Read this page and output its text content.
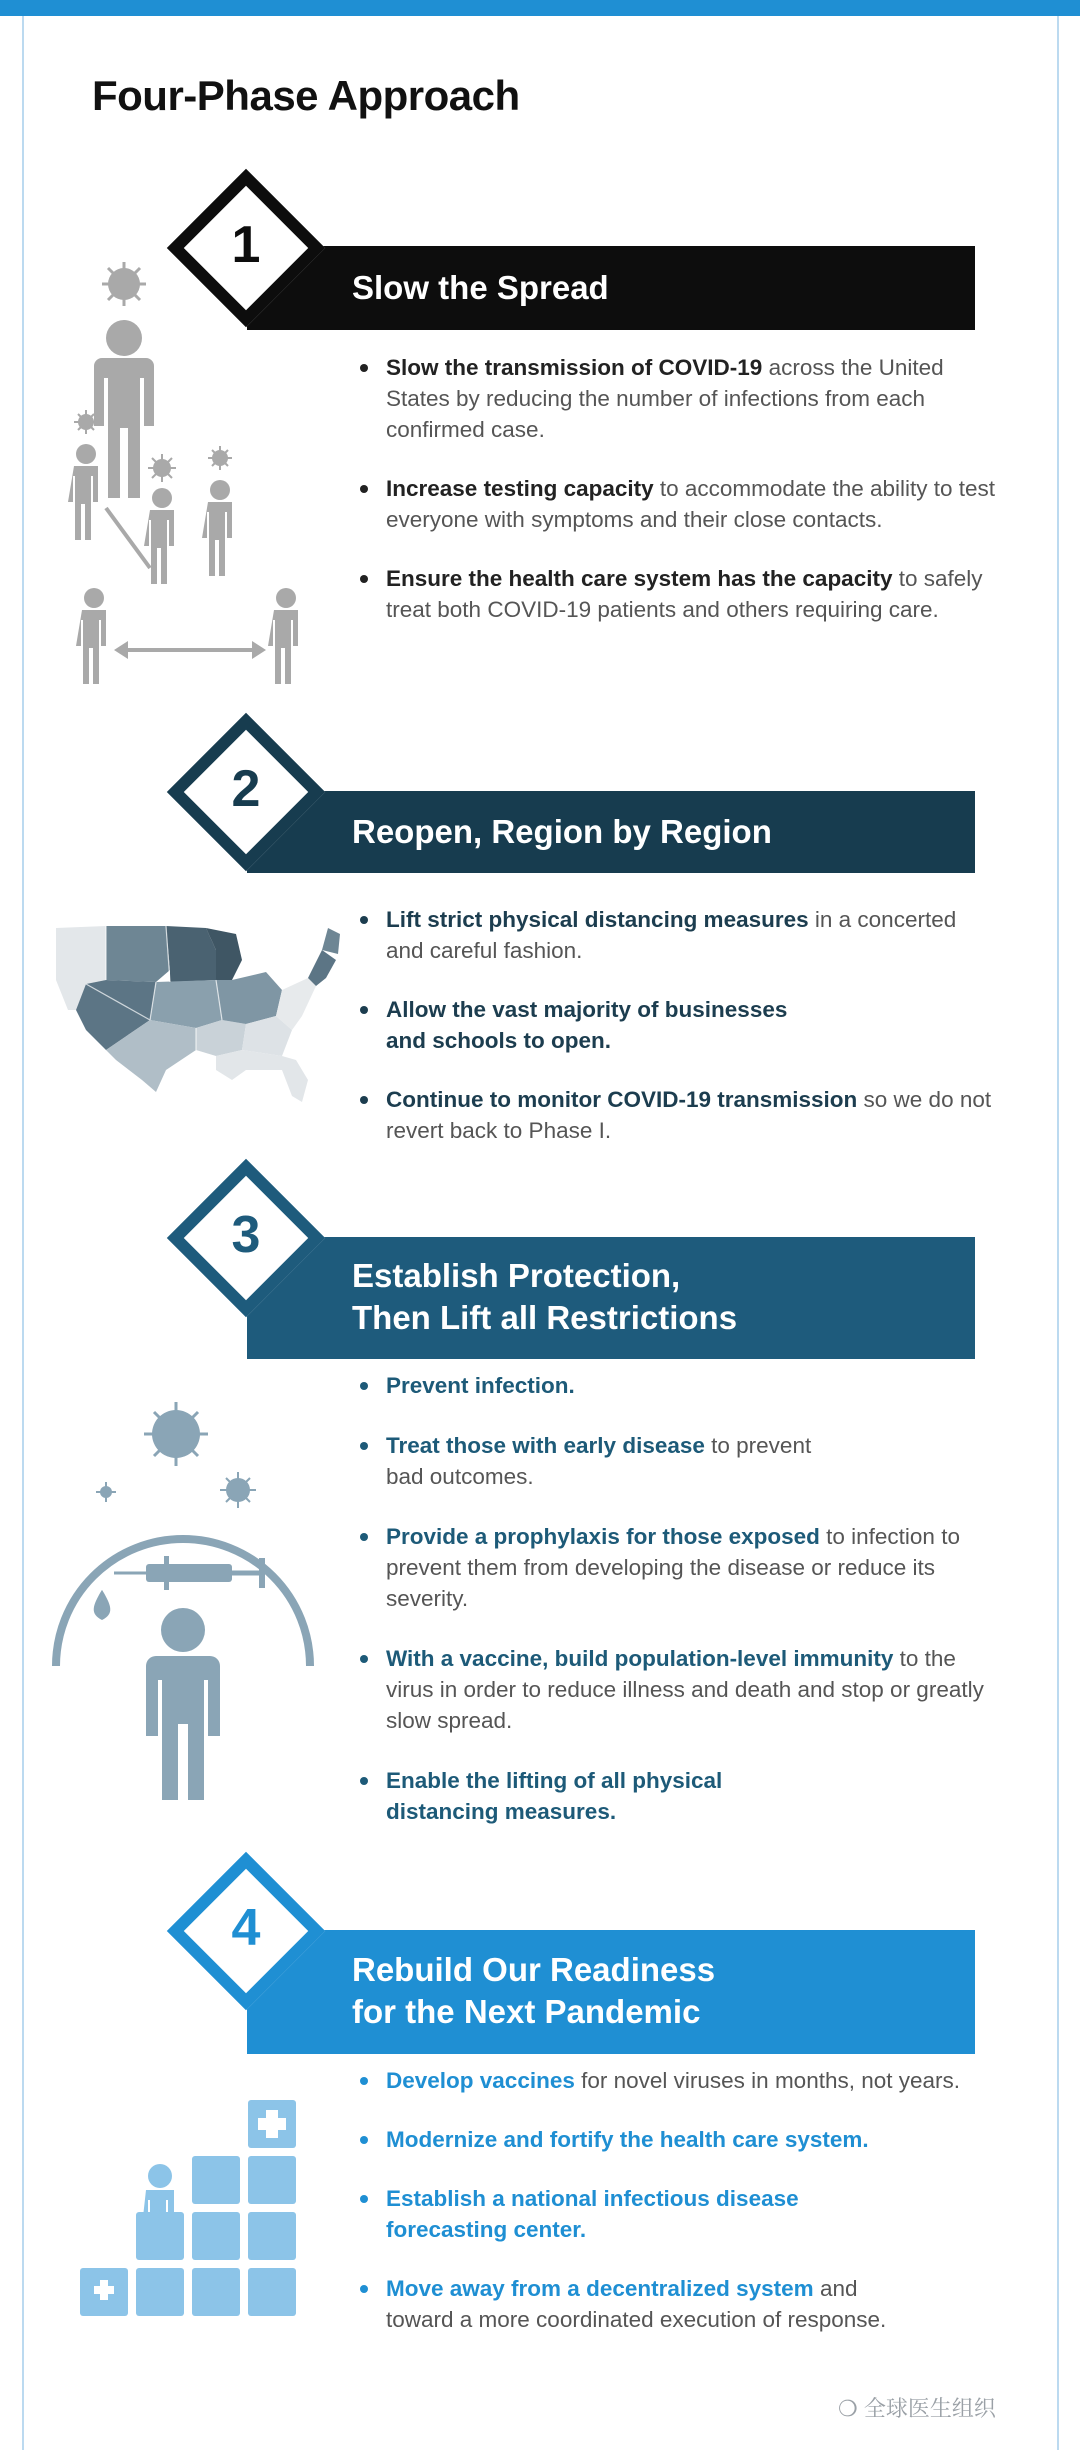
Four-Phase Approach
Slow the Spread
1
Slow the transmission of COVID-19 across the United States by reducing the number of infections from each confirmed case.
Increase testing capacity to accommodate the ability to test everyone with symptoms and their close contacts.
Ensure the health care system has the capacity to safely treat both COVID-19 patients and others requiring care.
Reopen, Region by Region
2
Lift strict physical distancing measures in a concerted and careful fashion.
Allow the vast majority of businesses and schools to open.
Continue to monitor COVID-19 transmission so we do not revert back to Phase I.
Establish Protection,
Then Lift all Restrictions
3
Prevent infection.
Treat those with early disease to prevent bad outcomes.
Provide a prophylaxis for those exposed to infection to prevent them from developing the disease or reduce its severity.
With a vaccine, build population-level immunity to the virus in order to reduce illness and death and stop or greatly slow spread.
Enable the lifting of all physical distancing measures.
Rebuild Our Readiness
for the Next Pandemic
4
Develop vaccines for novel viruses in months, not years.
Modernize and fortify the health care system.
Establish a national infectious disease forecasting center.
Move away from a decentralized system and toward a more coordinated execution of response.
❍ 全球医生组织
